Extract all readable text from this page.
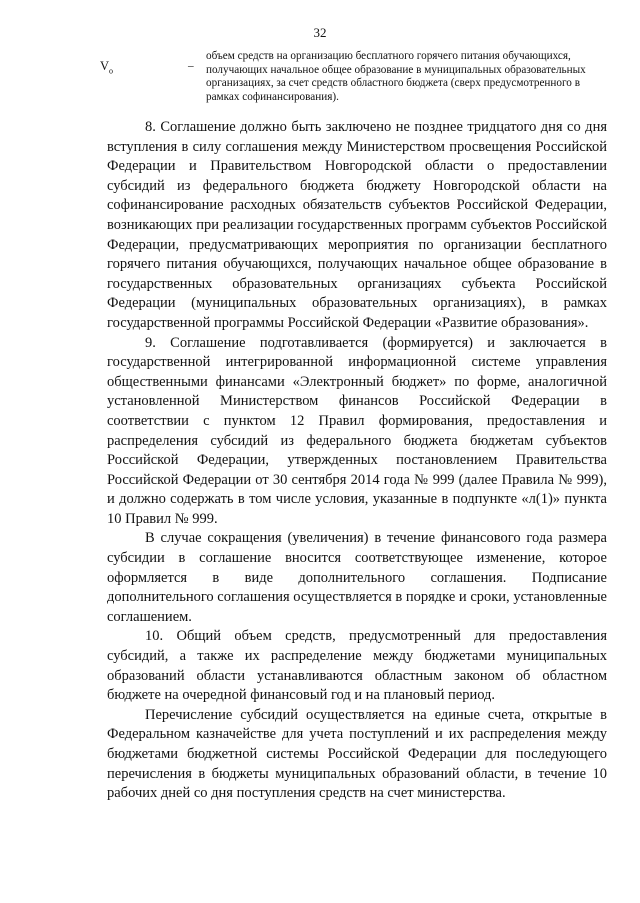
32
$V_о$	–
объем средств на организацию бесплатного горячего питания обучающихся, получающих начальное общее образование в муниципальных образовательных организациях, за счет средств областного бюджета (сверх предусмотренного в рамках софинансирования).

8. Соглашение должно быть заключено не позднее тридцатого дня со дня вступления в силу соглашения между Министерством просвещения Российской Федерации и Правительством Новгородской области о предоставлении субсидий из федерального бюджета бюджету Новгородской области на софинансирование расходных обязательств субъектов Российской Федерации, возникающих при реализации государственных программ субъектов Российской Федерации, предусматривающих мероприятия по организации бесплатного горячего питания обучающихся, получающих начальное общее образование в государственных образовательных организациях субъекта Российской Федерации (муниципальных образовательных организациях), в рамках государственной программы Российской Федерации «Развитие образования».

9. Соглашение подготавливается (формируется) и заключается в государственной интегрированной информационной системе управления общественными финансами «Электронный бюджет» по форме, аналогичной установленной Министерством финансов Российской Федерации в соответствии с пунктом 12 Правил формирования, предоставления и распределения субсидий из федерального бюджета бюджетам субъектов Российской Федерации, утвержденных постановлением Правительства Российской Федерации от 30 сентября 2014 года № 999 (далее Правила № 999), и должно содержать в том числе условия, указанные в подпункте «л(1)» пункта 10 Правил № 999.

В случае сокращения (увеличения) в течение финансового года размера субсидии в соглашение вносится соответствующее изменение, которое оформляется в виде дополнительного соглашения. Подписание дополнительного соглашения осуществляется в порядке и сроки, установленные соглашением.

10. Общий объем средств, предусмотренный для предоставления субсидий, а также их распределение между бюджетами муниципальных образований области устанавливаются областным законом об областном бюджете на очередной финансовый год и на плановый период.

Перечисление субсидий осуществляется на единые счета, открытые в Федеральном казначействе для учета поступлений и их распределения между бюджетами бюджетной системы Российской Федерации для последующего перечисления в бюджеты муниципальных образований области, в течение 10 рабочих дней со дня поступления средств на счет министерства.
